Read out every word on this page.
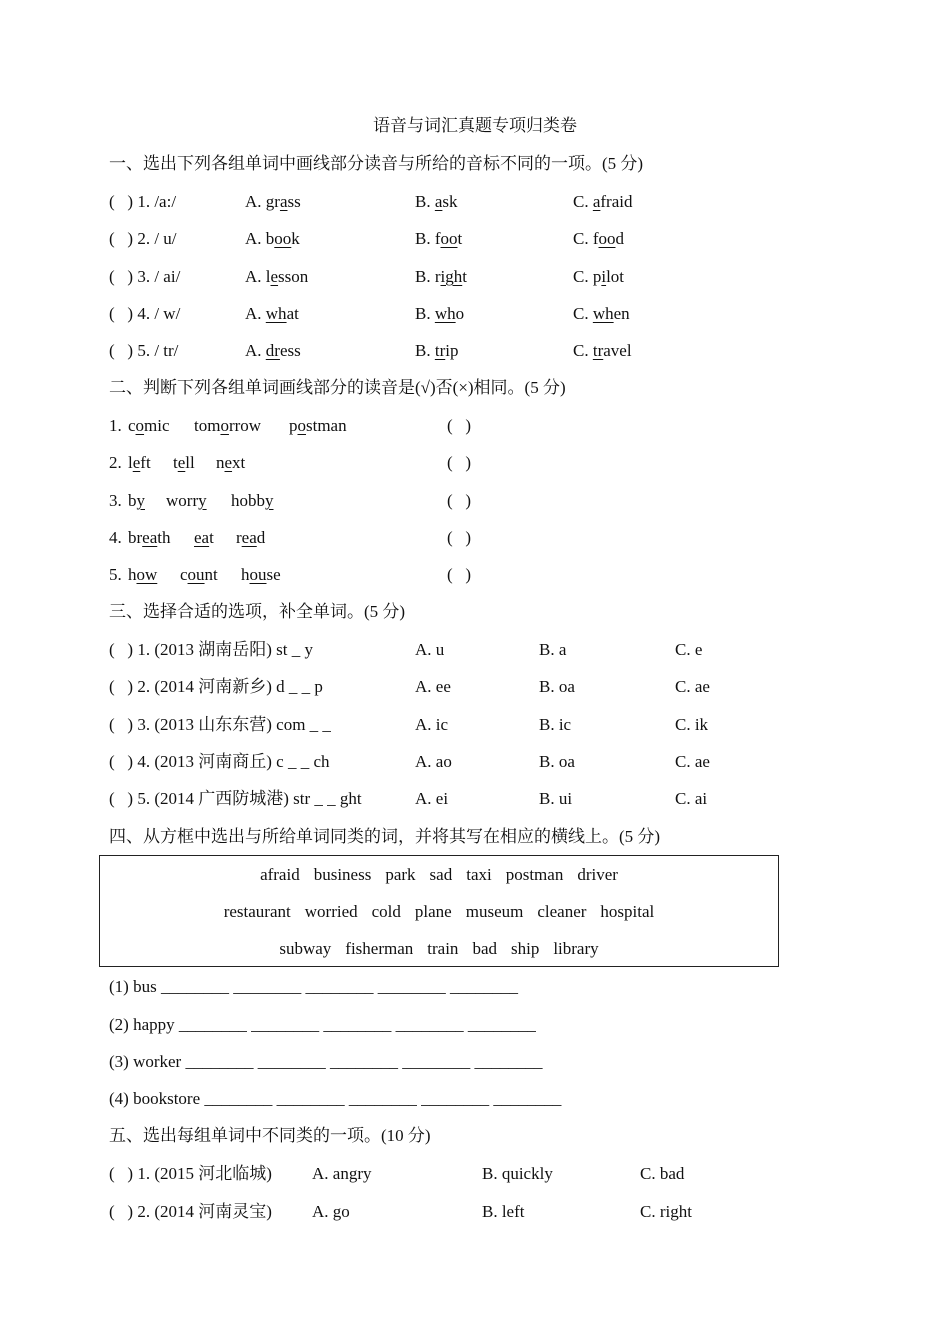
语音与词汇真题专项归类卷
一、选出下列各组单词中画线部分读音与所给的音标不同的一项。(5 分)
(   ) 1. /a:/	A. grass	B. ask	C. afraid
(   ) 2. / u/	A. book	B. foot	C. food
(   ) 3. / ai/	A. lesson	B. right	C. pilot
(   ) 4. / w/	A. what	B. who	C. when
(   ) 5. / tr/	A. dress	B. trip	C. travel
二、判断下列各组单词画线部分的读音是(√)否(×)相同。(5 分)
1. comic tomorrow postman	(   )
2. left tell next	(   )
3. by worry hobby	(   )
4. breath eat read	(   )
5. how count house	(   )
三、选择合适的选项，补全单词。(5 分)
(   ) 1. (2013 湖南岳阳) st _ y	A. u	B. a	C. e
(   ) 2. (2014 河南新乡) d _ _ p	A. ee	B. oa	C. ae
(   ) 3. (2013 山东东营) com _ _	A. ic	B. ic	C. ik
(   ) 4. (2013 河南商丘) c _ _ ch	A. ao	B. oa	C. ae
(   ) 5. (2014 广西防城港) str _ _ ght	A. ei	B. ui	C. ai
四、从方框中选出与所给单词同类的词，并将其写在相应的横线上。(5 分)
afraid business park sad taxi postman driver
restaurant worried cold plane museum cleaner hospital
subway fisherman train bad ship library
(1) bus ________ ________ ________ ________ ________
(2) happy ________ ________ ________ ________ ________
(3) worker ________ ________ ________ ________ ________
(4) bookstore ________ ________ ________ ________ ________
五、选出每组单词中不同类的一项。(10 分)
(   ) 1. (2015 河北临城) A. angry	B. quickly	C. bad
(   ) 2. (2014 河南灵宝) A. go	B. left	C. right
